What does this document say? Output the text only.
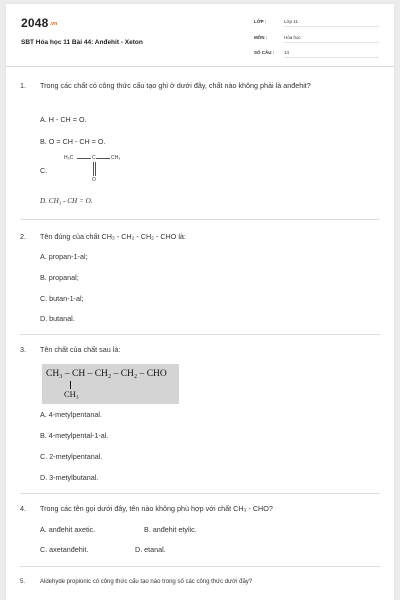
2048.vn
SBT Hóa học 11 Bài 44: Anđehit - Xeton
LỚP :	Lớp 11
MÔN :	Hóa học
SỐ CÂU :	14
1.	Trong các chất có công thức cấu tạo ghi ở dưới đây, chất nào không phải là anđehit?
A. H - CH = O.
B. O = CH - CH = O.
C.
H₃C	C	CH₃
O
D. CH₃ - CH = O.
2.	Tên đúng của chất CH₃ - CH₂ - CH₂ - CHO là:
A. propan-1-al;
B. propanal;
C. butan-1-al;
D. butanal.
3.	Tên chất của chất sau là:
CH₃ – CH – CH₂ – CH₂ – CHO
CH₃
A. 4-metylpentanal.
B. 4-metylpental-1-al.
C. 2-metylpentanal.
D. 3-metylbutanal.
4.	Trong các tên gọi dưới đây, tên nào không phù hợp với chất CH₃ - CHO?
A. anđehit axetic.	B. anđehit etylic.
C. axetanđehit.	D. etanal.
5.	Aldehyde propionic có công thức cấu tạo nào trong số các công thức dưới đây?
